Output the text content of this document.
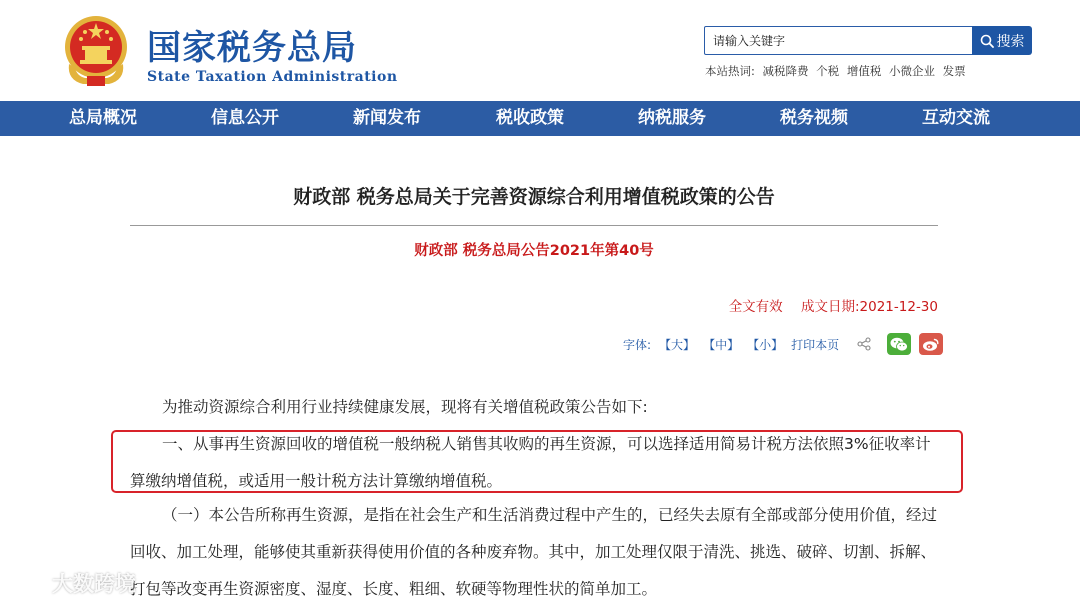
国家税务总局
State Taxation Administration
请输入关键字
搜索
本站热词: 减税降费 个税 增值税 小微企业 发票
总局概况	信息公开	新闻发布	税收政策	纳税服务	税务视频	互动交流
财政部 税务总局关于完善资源综合利用增值税政策的公告
财政部 税务总局公告2021年第40号
全文有效 成文日期:2021-12-30
字体: 【大】 【中】 【小】 打印本页
为推动资源综合利用行业持续健康发展，现将有关增值税政策公告如下:
一、从事再生资源回收的增值税一般纳税人销售其收购的再生资源，可以选择适用简易计税方法依照3%征收率计算缴纳增值税，或适用一般计税方法计算缴纳增值税。
（一）本公告所称再生资源，是指在社会生产和生活消费过程中产生的，已经失去原有全部或部分使用价值，经过回收、加工处理，能够使其重新获得使用价值的各种废弃物。其中，加工处理仅限于清洗、挑选、破碎、切割、拆解、打包等改变再生资源密度、湿度、长度、粗细、软硬等物理性状的简单加工。
大数跨境
